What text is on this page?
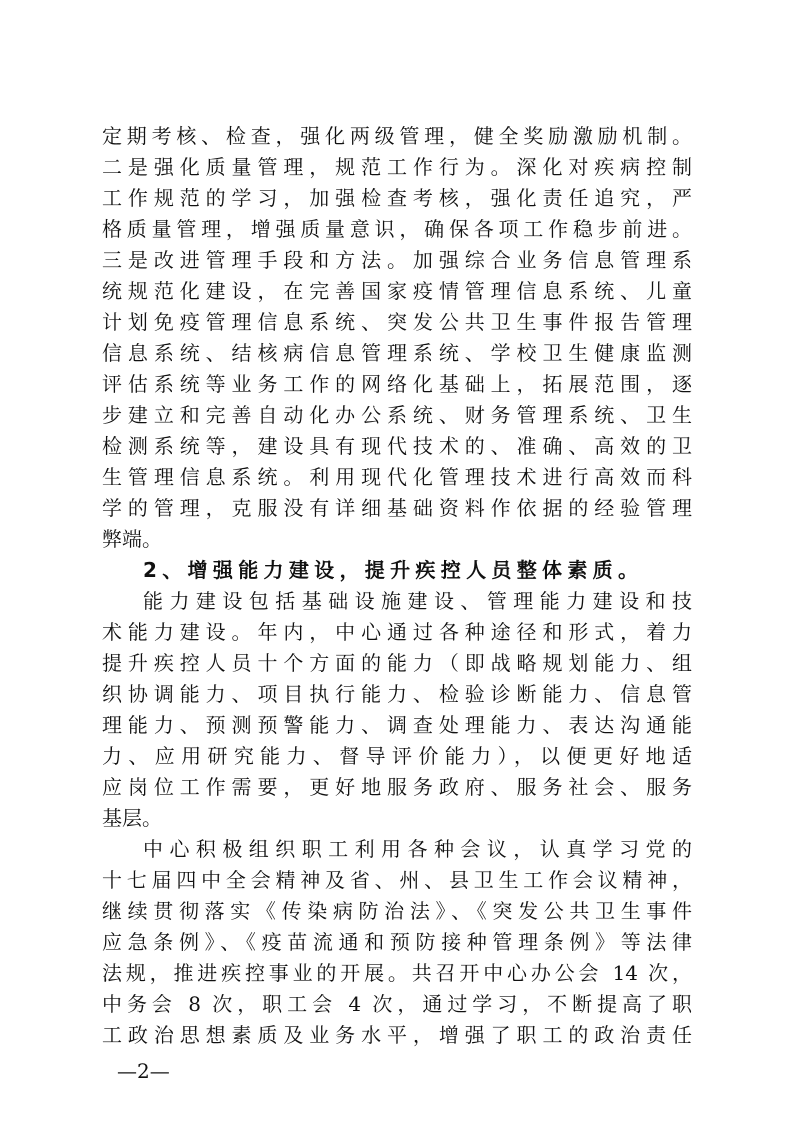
定期考核、检查，强化两级管理，健全奖励激励机制。
二是强化质量管理，规范工作行为。深化对疾病控制
工作规范的学习，加强检查考核，强化责任追究，严
格质量管理，增强质量意识，确保各项工作稳步前进。
三是改进管理手段和方法。加强综合业务信息管理系
统规范化建设，在完善国家疫情管理信息系统、儿童
计划免疫管理信息系统、突发公共卫生事件报告管理
信息系统、结核病信息管理系统、学校卫生健康监测
评估系统等业务工作的网络化基础上，拓展范围，逐
步建立和完善自动化办公系统、财务管理系统、卫生
检测系统等，建设具有现代技术的、准确、高效的卫
生管理信息系统。利用现代化管理技术进行高效而科
学的管理，克服没有详细基础资料作依据的经验管理
弊端。
2、增强能力建设，提升疾控人员整体素质。
能力建设包括基础设施建设、管理能力建设和技
术能力建设。年内，中心通过各种途径和形式，着力
提升疾控人员十个方面的能力（即战略规划能力、组
织协调能力、项目执行能力、检验诊断能力、信息管
理能力、预测预警能力、调查处理能力、表达沟通能
力、应用研究能力、督导评价能力），以便更好地适
应岗位工作需要，更好地服务政府、服务社会、服务
基层。
中心积极组织职工利用各种会议，认真学习党的
十七届四中全会精神及省、州、县卫生工作会议精神，
继续贯彻落实《传染病防治法》、《突发公共卫生事件
应急条例》、《疫苗流通和预防接种管理条例》等法律
法规，推进疾控事业的开展。共召开中心办公会 14 次，
中务会 8 次，职工会 4 次，通过学习，不断提高了职
工政治思想素质及业务水平，增强了职工的政治责任
—2—
